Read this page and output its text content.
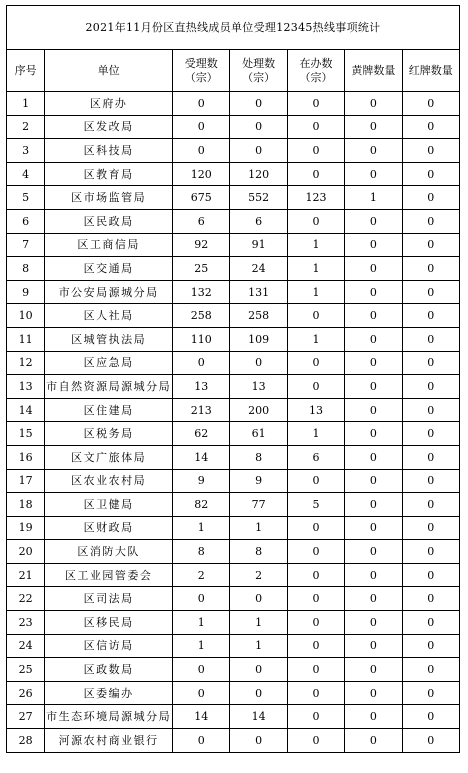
2021年11月份区直热线成员单位受理12345热线事项统计						
序号	单位	受理数（宗）	处理数（宗）	在办数（宗）	黄牌数量	红牌数量
1	区府办	0	0	0	0	0
2	区发改局	0	0	0	0	0
3	区科技局	0	0	0	0	0
4	区教育局	120	120	0	0	0
5	区市场监管局	675	552	123	1	0
6	区民政局	6	6	0	0	0
7	区工商信局	92	91	1	0	0
8	区交通局	25	24	1	0	0
9	市公安局源城分局	132	131	1	0	0
10	区人社局	258	258	0	0	0
11	区城管执法局	110	109	1	0	0
12	区应急局	0	0	0	0	0
13	市自然资源局源城分局	13	13	0	0	0
14	区住建局	213	200	13	0	0
15	区税务局	62	61	1	0	0
16	区文广旅体局	14	8	6	0	0
17	区农业农村局	9	9	0	0	0
18	区卫健局	82	77	5	0	0
19	区财政局	1	1	0	0	0
20	区消防大队	8	8	0	0	0
21	区工业园管委会	2	2	0	0	0
22	区司法局	0	0	0	0	0
23	区移民局	1	1	0	0	0
24	区信访局	1	1	0	0	0
25	区政数局	0	0	0	0	0
26	区委编办	0	0	0	0	0
27	市生态环境局源城分局	14	14	0	0	0
28	河源农村商业银行	0	0	0	0	0
